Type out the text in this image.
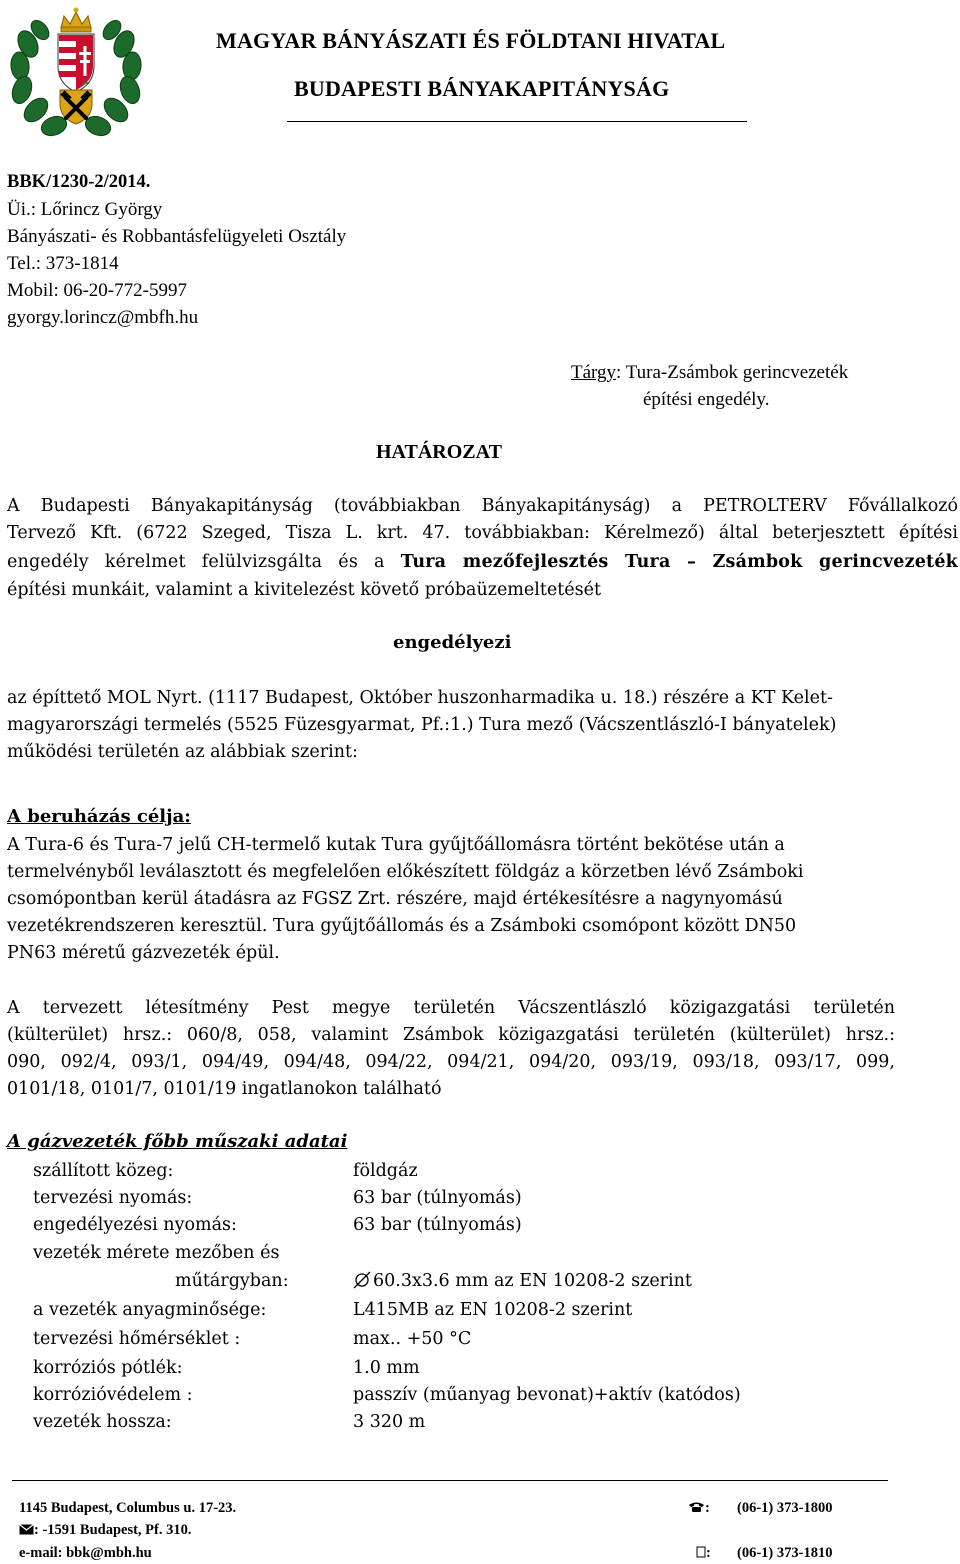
MAGYAR BÁNYÁSZATI ÉS FÖLDTANI HIVATAL
BUDAPESTI BÁNYAKAPITÁNYSÁG
BBK/1230-2/2014.
Üi.: Lőrincz György
Bányászati- és Robbantásfelügyeleti Osztály
Tel.: 373-1814
Mobil: 06-20-772-5997
gyorgy.lorincz@mbfh.hu
Tárgy: Tura-Zsámbok gerincvezeték
építési engedély.
HATÁROZAT
A Budapesti Bányakapitányság (továbbiakban Bányakapitányság) a PETROLTERV Fővállalkozó
Tervező Kft. (6722 Szeged, Tisza L. krt. 47. továbbiakban: Kérelmező) által beterjesztett építési
engedély kérelmet felülvizsgálta és a Tura mezőfejlesztés Tura – Zsámbok gerincvezeték
építési munkáit, valamint a kivitelezést követő próbaüzemeltetését
engedélyezi
az építtető MOL Nyrt. (1117 Budapest, Október huszonharmadika u. 18.) részére a KT Kelet-
magyarországi termelés (5525 Füzesgyarmat, Pf.:1.) Tura mező (Vácszentlászló-I bányatelek)
működési területén az alábbiak szerint:
A beruházás célja:
A Tura-6 és Tura-7 jelű CH-termelő kutak Tura gyűjtőállomásra történt bekötése után a
termelvényből leválasztott és megfelelően előkészített földgáz a körzetben lévő Zsámboki
csomópontban kerül átadásra az FGSZ Zrt. részére, majd értékesítésre a nagynyomású
vezetékrendszeren keresztül. Tura gyűjtőállomás és a Zsámboki csomópont között DN50
PN63 méretű gázvezeték épül.
A tervezett létesítmény Pest megye területén Vácszentlászló közigazgatási területén
(külterület) hrsz.: 060/8, 058, valamint Zsámbok közigazgatási területén (külterület) hrsz.:
090, 092/4, 093/1, 094/49, 094/48, 094/22, 094/21, 094/20, 093/19, 093/18, 093/17, 099,
0101/18, 0101/7, 0101/19 ingatlanokon található
A gázvezeték főbb műszaki adatai
szállított közeg:	földgáz
tervezési nyomás:	63 bar (túlnyomás)
engedélyezési nyomás:	63 bar (túlnyomás)
vezeték mérete mezőben és
műtárgyban:	60.3x3.6 mm az EN 10208-2 szerint
a vezeték anyagminősége:	L415MB az EN 10208-2 szerint
tervezési hőmérséklet :	max.. +50 °C
korróziós pótlék:	1.0 mm
korrózióvédelem :	passzív (műanyag bevonat)+aktív (katódos)
vezeték hossza:	3 320 m
1145 Budapest, Columbus u. 17-23.
: -1591 Budapest, Pf. 310.
e-mail: bbk@mbh.hu
: (06-1) 373-1800
: (06-1) 373-1810
